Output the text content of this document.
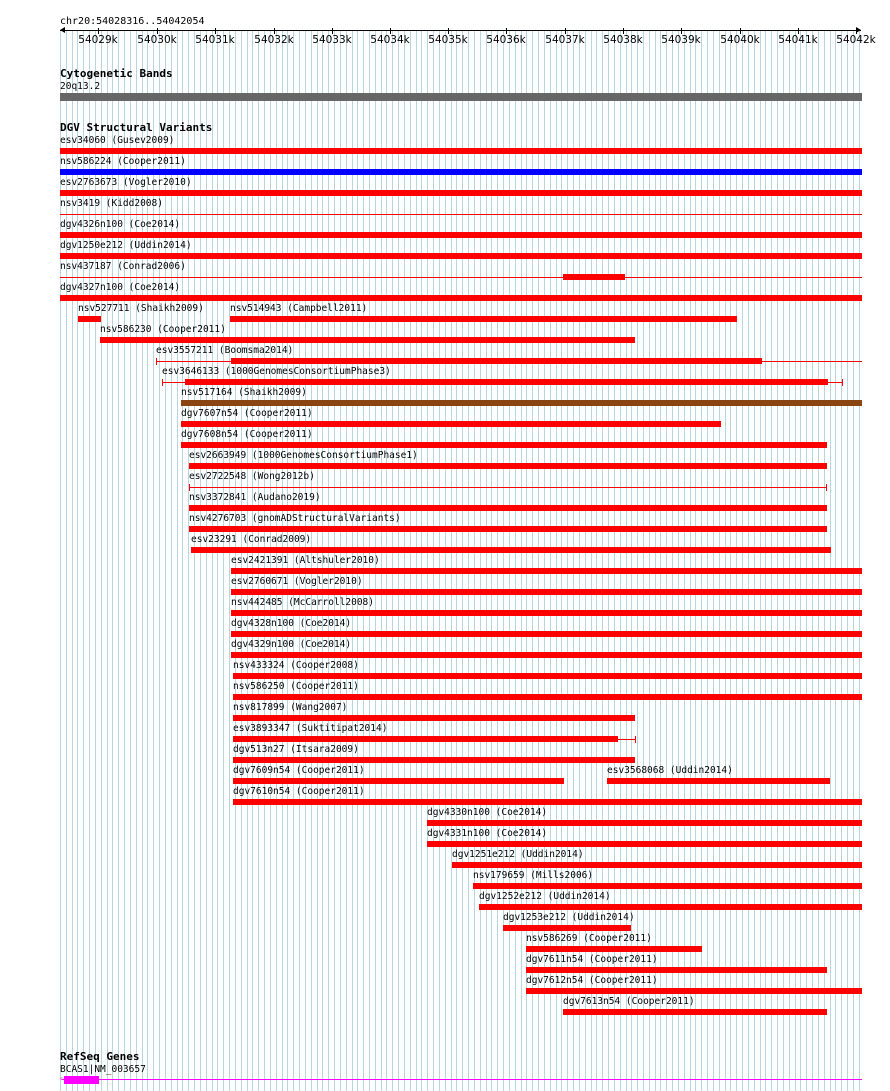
chr20:54028316..54042054
54029k 54030k 54031k 54032k 54033k 54034k 54035k 54036k 54037k 54038k 54039k 54040k 54041k 54042k
Cytogenetic Bands
20q13.2
DGV Structural Variants
esv34060 (Gusev2009)
nsv586224 (Cooper2011)
esv2763673 (Vogler2010)
nsv3419 (Kidd2008)
dgv4326n100 (Coe2014)
dgv1250e212 (Uddin2014)
nsv437187 (Conrad2006)
dgv4327n100 (Coe2014)
nsv527711 (Shaikh2009)	nsv514943 (Campbell2011)
nsv586230 (Cooper2011)
esv3557211 (Boomsma2014)
esv3646133 (1000GenomesConsortiumPhase3)
nsv517164 (Shaikh2009)
dgv7607n54 (Cooper2011)
dgv7608n54 (Cooper2011)
esv2663949 (1000GenomesConsortiumPhase1)
esv2722548 (Wong2012b)
nsv3372841 (Audano2019)
nsv4276703 (gnomADStructuralVariants)
esv23291 (Conrad2009)
esv2421391 (Altshuler2010)
esv2760671 (Vogler2010)
nsv442485 (McCarroll2008)
dgv4328n100 (Coe2014)
dgv4329n100 (Coe2014)
nsv433324 (Cooper2008)
nsv586250 (Cooper2011)
nsv817899 (Wang2007)
esv3893347 (Suktitipat2014)
dgv513n27 (Itsara2009)
dgv7609n54 (Cooper2011)	esv3568068 (Uddin2014)
dgv7610n54 (Cooper2011)
dgv4330n100 (Coe2014)
dgv4331n100 (Coe2014)
dgv1251e212 (Uddin2014)
nsv179659 (Mills2006)
dgv1252e212 (Uddin2014)
dgv1253e212 (Uddin2014)
nsv586269 (Cooper2011)
dgv7611n54 (Cooper2011)
dgv7612n54 (Cooper2011)
dgv7613n54 (Cooper2011)
RefSeq Genes
BCAS1|NM_003657
‹
